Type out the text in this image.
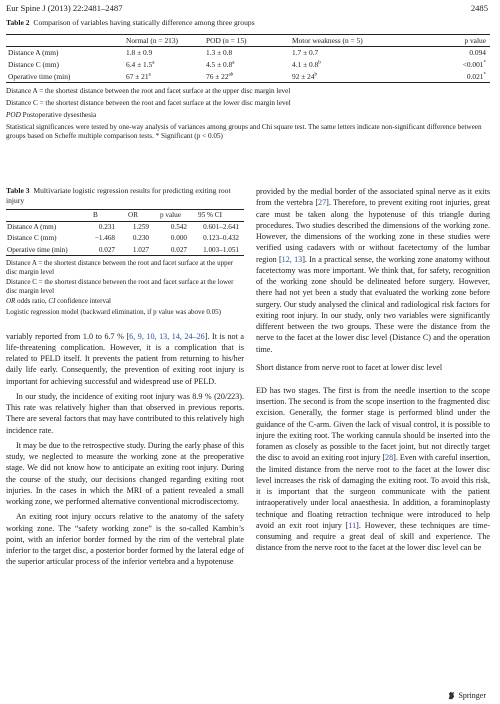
Eur Spine J (2013) 22:2481–2487	2485
Table 2 Comparison of variables having statically difference among three groups
	Normal (n = 213)	POD (n = 15)	Motor weakness (n = 5)	p value
Distance A (mm)	1.8 ± 0.9	1.3 ± 0.8	1.7 ± 0.7	0.094
Distance C (mm)	6.4 ± 1.5$^a$	4.5 ± 0.8$^a$	4.1 ± 0.8$^b$	<0.001*
Operative time (min)	$67 \pm 21^a$	$76 \pm 22^{ab}$	$92 \pm 24^b$	0.021*

Distance A = the shortest distance between the root and facet surface at the upper disc margin level

Distance C = the shortest distance between the root and facet surface at the lower disc margin level

POD Postoperative dysesthesia

Statistical significances were tested by one-way analysis of variances among groups and Chi square test. The same letters indicate non-significant difference between groups based on Scheffe multiple comparison tests. * Significant (p < 0.05)

Table 3 Multivariate logistic regression results for predicting exiting root injury
	B	OR	p value	95 % CI
Distance A (mm)	0.231	1.259	0.542	0.601–2.641
Distance C (mm)	−1.468	0.230	0.000	0.123–0.432
Operative time (min)	0.027	1.027	0.027	1.003–1.051

Distance A = the shortest distance between the root and facet surface at the upper disc margin level

Distance C = the shortest distance between the root and facet surface at the lower disc margin level

OR odds ratio, CI confidence interval

Logistic regression model (backward elimination, if p value was above 0.05)

variably reported from 1.0 to 6.7 % [6, 9, 10, 13, 14, 24–26]. It is not a life-threatening complication. However, it is a complication that is related to PELD itself. It prevents the patient from returning to his/her daily life early. Consequently, the prevention of exiting root injury is important for achieving successful and widespread use of PELD.

In our study, the incidence of exiting root injury was 8.9 % (20/223). This rate was relatively higher than that observed in previous reports. There are several factors that may have contributed to this relatively high incidence rate.

It may be due to the retrospective study. During the early phase of this study, we neglected to measure the working zone at the preoperative stage. We did not know how to anticipate an exiting root injury. During the course of the study, our decisions changed regarding exiting root injuries. In the cases in which the MRI of a patient revealed a small working zone, we performed alternative conventional microdiscectomy.

An exiting root injury occurs relative to the anatomy of the safety working zone. The “safety working zone” is the so-called Kambin’s point, with an inferior border formed by the rim of the vertebral plate inferior to the target disc, a posterior border formed by the lateral edge of the superior articular process of the inferior vertebra and a hypotenuse

provided by the medial border of the associated spinal nerve as it exits from the vertebra [27]. Therefore, to prevent exiting root injuries, great care must be taken along the hypotenuse of this triangle during procedures. Two studies described the dimensions of the working zone. However, the dimensions of the working zone in these studies were verified using cadavers with or without facetectomy of the lumbar region [12, 13]. In a practical sense, the working zone anatomy without facetectomy was more important. We think that, for safety, recognition of the working zone should be delineated before surgery. However, there had not yet been a study that evaluated the working zone before surgery. Our study analysed the clinical and radiological risk factors for exiting root injury. In our study, only two variables were significantly different between the two groups. These were the distance from the nerve to the facet at the lower disc level (Distance C) and the operation time.

Short distance from nerve root to facet at lower disc level

ED has two stages. The first is from the needle insertion to the scope insertion. The second is from the scope insertion to the fragmented disc excision. Generally, the former stage is performed blind under the guidance of the C-arm. Given the lack of visual control, it is possible to injure the exiting root. The working cannula should be inserted into the foramen as closely as possible to the facet joint, but not directly target the disc to avoid an exiting root injury [28]. Even with careful insertion, the limited distance from the nerve root to the facet at the lower disc level increases the risk of damaging the exiting root. To avoid this risk, it is important that the surgeon communicate with the patient intraoperatively under local anaesthesia. In addition, a foraminoplasty technique and floating retraction technique were introduced to help avoid an exit root injury [11]. However, these techniques are time-consuming and require a great deal of skill and experience. The distance from the nerve root to the facet at the lower disc level can be

Springer
